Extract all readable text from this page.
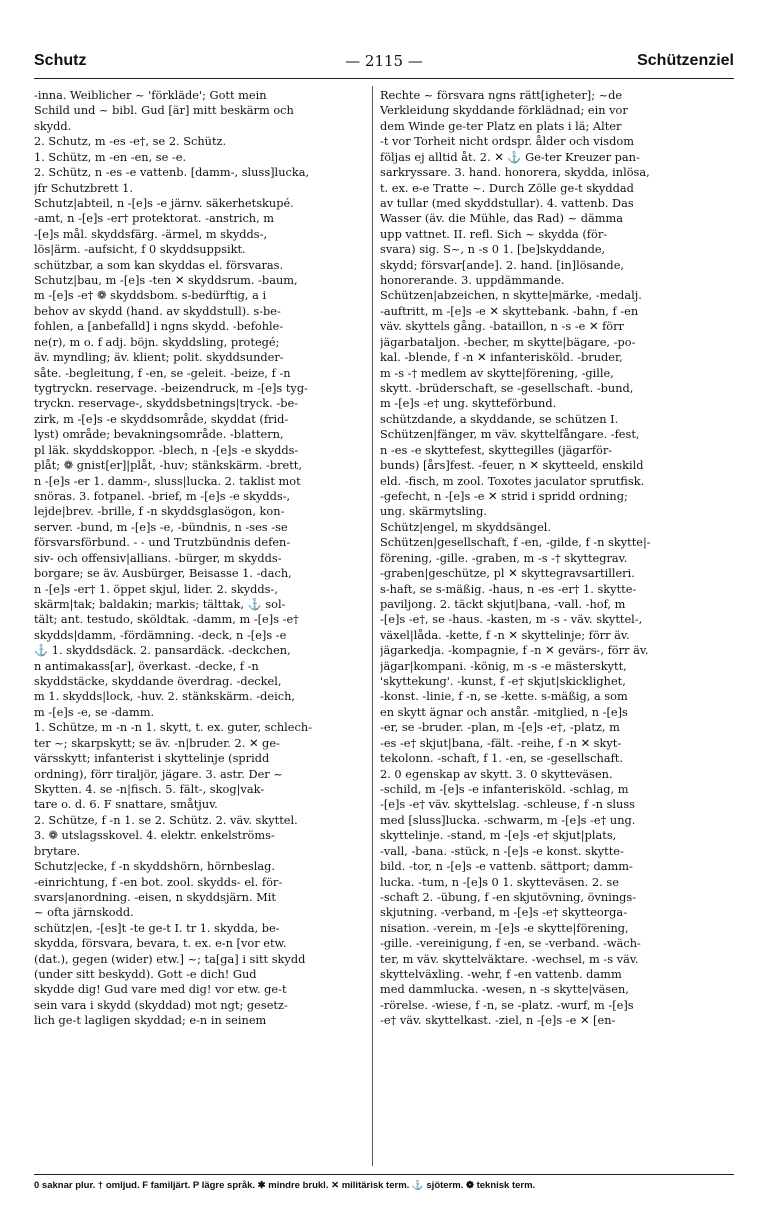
Schutz	— 2115 —	Schützenziel
-inna. Weiblicher ~ 'förkläde'; Gott mein
Schild und ~ bibl. Gud [är] mitt beskärm och
skydd.
2. Schutz, m -es -e†, se 2. Schütz.
1. Schütz, m -en -en, se -e.
2. Schütz, n -es -e vattenb. [damm-, sluss]lucka,
jfr Schutzbrett 1.
Schutz|abteil, n -[e]s -e järnv. säkerhetskupé.
-amt, n -[e]s -er† protektorat. -anstrich, m
-[e]s mål. skyddsfärg. -ärmel, m skydds-,
lös|ärm. -aufsicht, f 0 skyddsuppsikt.
schützbar, a som kan skyddas el. försvaras.
Schutz|bau, m -[e]s -ten ✕ skyddsrum. -baum,
m -[e]s -e† ❁ skyddsbom. s-bedürftig, a i
behov av skydd (hand. av skyddstull). s-be-
fohlen, a [anbefalld] i ngns skydd. -befohle-
ne(r), m o. f adj. böjn. skyddsling, protegé;
äv. myndling; äv. klient; polit. skyddsunder-
såte. -begleitung, f -en, se -geleit. -beize, f -n
tygtryckn. reservage. -beizendruck, m -[e]s tyg-
tryckn. reservage-, skyddsbetnings|tryck. -be-
zirk, m -[e]s -e skyddsområde, skyddat (frid-
lyst) område; bevakningsområde. -blattern,
pl läk. skyddskoppor. -blech, n -[e]s -e skydds-
plåt; ❁ gnist[er]|plåt, -huv; stänkskärm. -brett,
n -[e]s -er 1. damm-, sluss|lucka. 2. taklist mot
snöras. 3. fotpanel. -brief, m -[e]s -e skydds-,
lejde|brev. -brille, f -n skyddsglasögon, kon-
server. -bund, m -[e]s -e, -bündnis, n -ses -se
försvarsförbund. - - und Trutzbündnis defen-
siv- och offensiv|allians. -bürger, m skydds-
borgare; se äv. Ausbürger, Beisasse 1. -dach,
n -[e]s -er† 1. öppet skjul, lider. 2. skydds-,
skärm|tak; baldakin; markis; tälttak, ⚓ sol-
tält; ant. testudo, sköldtak. -damm, m -[e]s -e†
skydds|damm, -fördämning. -deck, n -[e]s -e
⚓ 1. skyddsdäck. 2. pansardäck. -deckchen,
n antimakass[ar], överkast. -decke, f -n
skyddstäcke, skyddande överdrag. -deckel,
m 1. skydds|lock, -huv. 2. stänkskärm. -deich,
m -[e]s -e, se -damm.
1. Schütze, m -n -n 1. skytt, t. ex. guter, schlech-
ter ~; skarpskytt; se äv. -n|bruder. 2. ✕ ge-
värsskytt; infanterist i skyttelinje (spridd
ordning), förr tiraljör, jägare. 3. astr. Der ~
Skytten. 4. se -n|fisch. 5. fält-, skog|vak-
tare o. d. 6. F snattare, småtjuv.
2. Schütze, f -n 1. se 2. Schütz. 2. väv. skyttel.
3. ❁ utslagsskovel. 4. elektr. enkelströms-
brytare.
Schutz|ecke, f -n skyddshörn, hörnbeslag.
-einrichtung, f -en bot. zool. skydds- el. för-
svars|anordning. -eisen, n skyddsjärn. Mit
~ ofta järnskodd.
schütz|en, -[es]t -te ge-t I. tr 1. skydda, be-
skydda, försvara, bevara, t. ex. e-n [vor etw.
(dat.), gegen (wider) etw.] ~; ta[ga] i sitt skydd
(under sitt beskydd). Gott -e dich! Gud
skydde dig! Gud vare med dig! vor etw. ge-t
sein vara i skydd (skyddad) mot ngt; gesetz-
lich ge-t lagligen skyddad; e-n in seinem
Rechte ~ försvara ngns rätt[igheter]; ~de
Verkleidung skyddande förklädnad; ein vor
dem Winde ge-ter Platz en plats i lä; Alter
-t vor Torheit nicht ordspr. ålder och visdom
följas ej alltid åt. 2. ✕ ⚓ Ge-ter Kreuzer pan-
sarkryssare. 3. hand. honorera, skydda, inlösa,
t. ex. e-e Tratte ~. Durch Zölle ge-t skyddad
av tullar (med skyddstullar). 4. vattenb. Das
Wasser (äv. die Mühle, das Rad) ~ dämma
upp vattnet. II. refl. Sich ~ skydda (för-
svara) sig. S~, n -s 0 1. [be]skyddande,
skydd; försvar[ande]. 2. hand. [in]lösande,
honorerande. 3. uppdämmande.
Schützen|abzeichen, n skytte|märke, -medalj.
-auftritt, m -[e]s -e ✕ skyttebank. -bahn, f -en
väv. skyttels gång. -bataillon, n -s -e ✕ förr
jägarbataljon. -becher, m skytte|bägare, -po-
kal. -blende, f -n ✕ infanterisköld. -bruder,
m -s -† medlem av skytte|förening, -gille,
skytt. -brüderschaft, se -gesellschaft. -bund,
m -[e]s -e† ung. skytteförbund.
schützdande, a skyddande, se schützen I.
Schützen|fänger, m väv. skyttelfångare. -fest,
n -es -e skyttefest, skyttegilles (jägarför-
bunds) [års]fest. -feuer, n ✕ skytteeld, enskild
eld. -fisch, m zool. Toxotes jaculator sprutfisk.
-gefecht, n -[e]s -e ✕ strid i spridd ordning;
ung. skärmytsling.
Schütz|engel, m skyddsängel.
Schützen|gesellschaft, f -en, -gilde, f -n skytte|-
förening, -gille. -graben, m -s -† skyttegrav.
-graben|geschütze, pl ✕ skyttegravsartilleri.
s-haft, se s-mäßig. -haus, n -es -er† 1. skytte-
paviljong. 2. täckt skjut|bana, -vall. -hof, m
-[e]s -e†, se -haus. -kasten, m -s - väv. skyttel-,
växel|låda. -kette, f -n ✕ skyttelinje; förr äv.
jägarkedja. -kompagnie, f -n ✕ gevärs-, förr äv.
jägar|kompani. -könig, m -s -e mästerskytt,
'skyttekung'. -kunst, f -e† skjut|skicklighet,
-konst. -linie, f -n, se -kette. s-mäßig, a som
en skytt ägnar och anstår. -mitglied, n -[e]s
-er, se -bruder. -plan, m -[e]s -e†, -platz, m
-es -e† skjut|bana, -fält. -reihe, f -n ✕ skyt-
tekolonn. -schaft, f 1. -en, se -gesellschaft.
2. 0 egenskap av skytt. 3. 0 skytteväsen.
-schild, m -[e]s -e infanterisköld. -schlag, m
-[e]s -e† väv. skyttelslag. -schleuse, f -n sluss
med [sluss]lucka. -schwarm, m -[e]s -e† ung.
skyttelinje. -stand, m -[e]s -e† skjut|plats,
-vall, -bana. -stück, n -[e]s -e konst. skytte-
bild. -tor, n -[e]s -e vattenb. sättport; damm-
lucka. -tum, n -[e]s 0 1. skytteväsen. 2. se
-schaft 2. -übung, f -en skjutövning, övnings-
skjutning. -verband, m -[e]s -e† skytteorga-
nisation. -verein, m -[e]s -e skytte|förening,
-gille. -vereinigung, f -en, se -verband. -wäch-
ter, m väv. skyttelväktare. -wechsel, m -s väv.
skyttelväxling. -wehr, f -en vattenb. damm
med dammlucka. -wesen, n -s skytte|väsen,
-rörelse. -wiese, f -n, se -platz. -wurf, m -[e]s
-e† väv. skyttelkast. -ziel, n -[e]s -e ✕ [en-
0 saknar plur. † omljud. F familjärt. P lägre språk. ✱ mindre brukl. ✕ militärisk term. ⚓ sjöterm. ❁ teknisk term.
